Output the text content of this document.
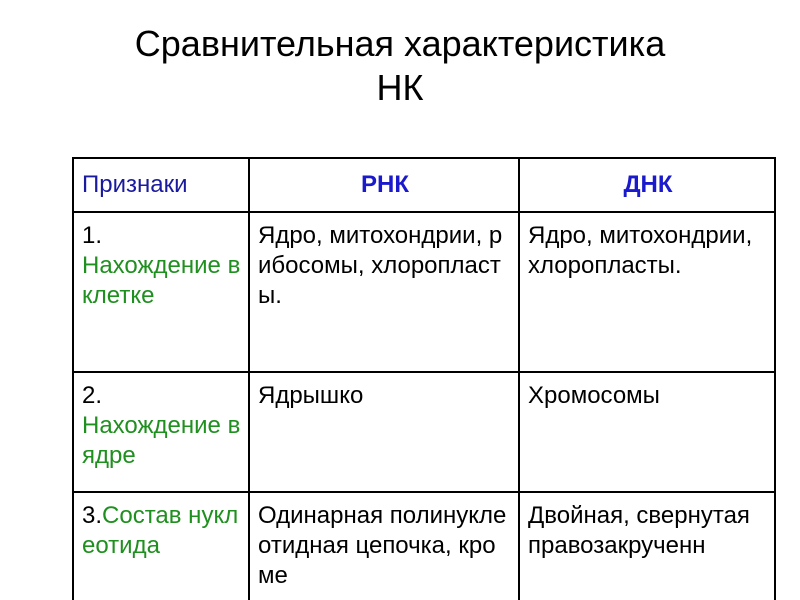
Сравнительная характеристика
НК
Признаки	РНК	ДНК
1.
Нахождение в клетке	Ядро, митохондрии, рибосомы, хлоропласты.	Ядро, митохондрии, хлоропласты.
2.
Нахождение в ядре	Ядрышко	Хромосомы
3.Состав нуклеотида	Одинарная полинуклеотидная цепочка, кроме	Двойная, свернутая правозакрученн
